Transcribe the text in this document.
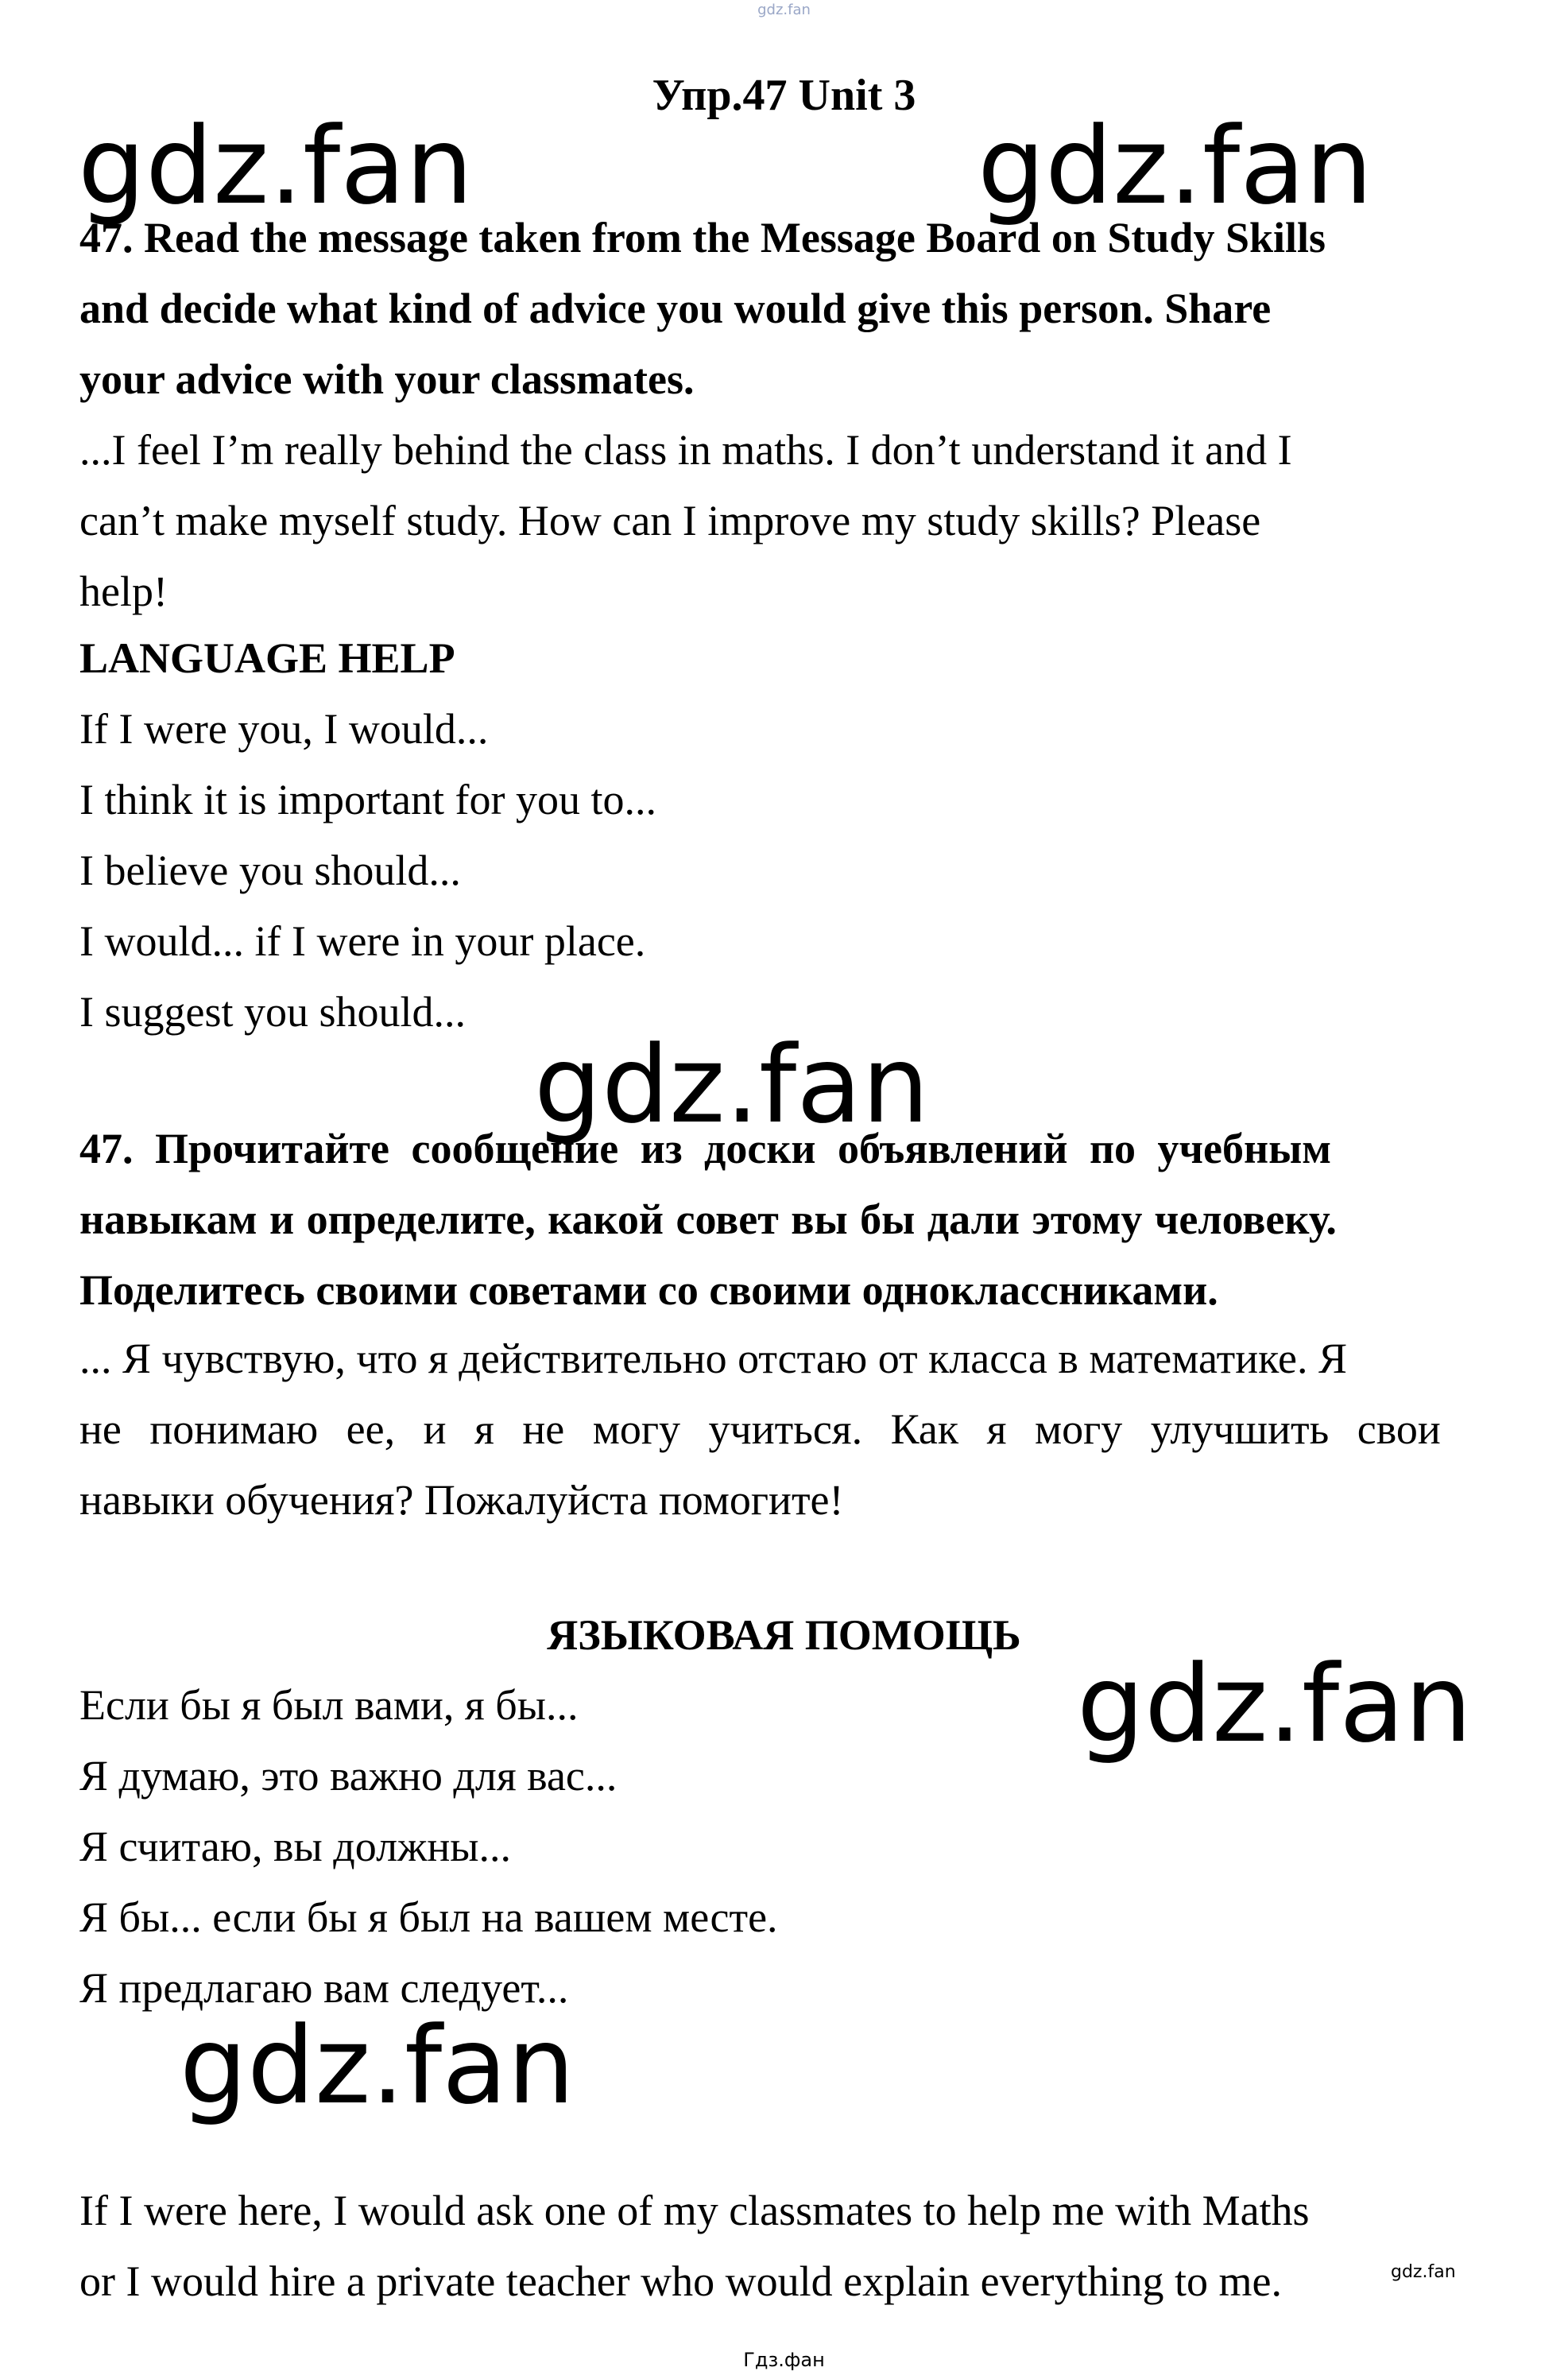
gdz.fan
Упр.47 Unit 3
gdz.fan	gdz.fan
47. Read the message taken from the Message Board on Study Skills
and decide what kind of advice you would give this person. Share
your advice with your classmates.
...I feel I’m really behind the class in maths. I don’t understand it and I
can’t make myself study. How can I improve my study skills? Please
help!
LANGUAGE HELP
If I were you, I would...
I think it is important for you to...
I believe you should...
I would... if I were in your place.
I suggest you should...
gdz.fan
47. Прочитайте сообщение из доски объявлений по учебным
навыкам и определите, какой совет вы бы дали этому человеку.
Поделитесь своими советами со своими одноклассниками.
... Я чувствую, что я действительно отстаю от класса в математике. Я
не понимаю ее, и я не могу учиться. Как я могу улучшить свои
навыки обучения? Пожалуйста помогите!
ЯЗЫКОВАЯ ПОМОЩЬ
gdz.fan
Если бы я был вами, я бы...
Я думаю, это важно для вас...
Я считаю, вы должны...
Я бы... если бы я был на вашем месте.
Я предлагаю вам следует...
gdz.fan
If I were here, I would ask one of my classmates to help me with Maths
or I would hire a private teacher who would explain everything to me.	gdz.fan
Гдз.фан
